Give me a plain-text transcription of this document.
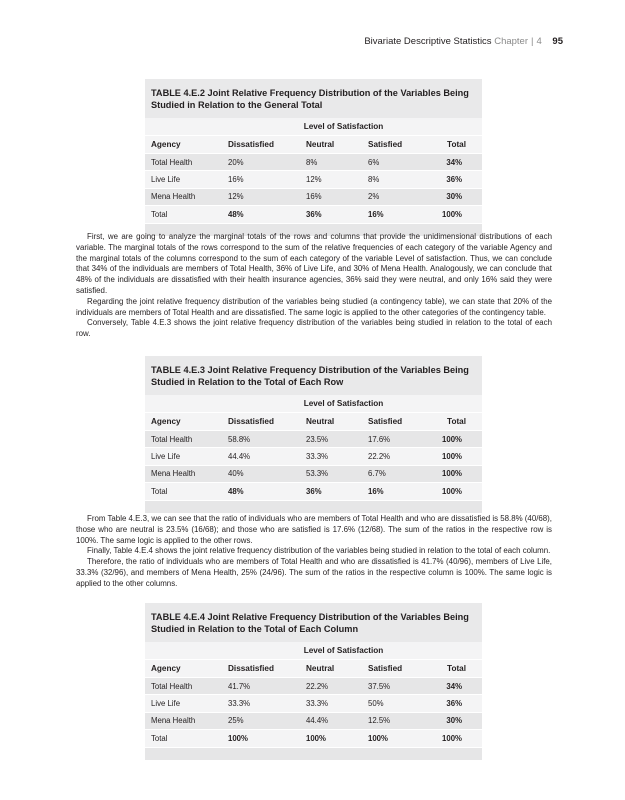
Bivariate Descriptive Statistics Chapter | 4 95
TABLE 4.E.2 Joint Relative Frequency Distribution of the Variables Being Studied in Relation to the General Total
Level of Satisfaction
Agency	Dissatisfied	Neutral	Satisfied	Total
Total Health	20%	8%	6%	34%
Live Life	16%	12%	8%	36%
Mena Health	12%	16%	2%	30%
Total	48%	36%	16%	100%

First, we are going to analyze the marginal totals of the rows and columns that provide the unidimensional distributions of each variable. The marginal totals of the rows correspond to the sum of the relative frequencies of each category of the variable Agency and the marginal totals of the columns correspond to the sum of each category of the variable Level of satisfaction. Thus, we can conclude that 34% of the individuals are members of Total Health, 36% of Live Life, and 30% of Mena Health. Analogously, we can conclude that 48% of the individuals are dissatisfied with their health insurance agencies, 36% said they were neutral, and only 16% said they were satisfied.

Regarding the joint relative frequency distribution of the variables being studied (a contingency table), we can state that 20% of the individuals are members of Total Health and are dissatisfied. The same logic is applied to the other categories of the contingency table.

Conversely, Table 4.E.3 shows the joint relative frequency distribution of the variables being studied in relation to the total of each row.

TABLE 4.E.3 Joint Relative Frequency Distribution of the Variables Being Studied in Relation to the Total of Each Row
Level of Satisfaction
Agency	Dissatisfied	Neutral	Satisfied	Total
Total Health	58.8%	23.5%	17.6%	100%
Live Life	44.4%	33.3%	22.2%	100%
Mena Health	40%	53.3%	6.7%	100%
Total	48%	36%	16%	100%

From Table 4.E.3, we can see that the ratio of individuals who are members of Total Health and who are dissatisfied is 58.8% (40/68), those who are neutral is 23.5% (16/68); and those who are satisfied is 17.6% (12/68). The sum of the ratios in the respective row is 100%. The same logic is applied to the other rows.

Finally, Table 4.E.4 shows the joint relative frequency distribution of the variables being studied in relation to the total of each column.

Therefore, the ratio of individuals who are members of Total Health and who are dissatisfied is 41.7% (40/96), members of Live Life, 33.3% (32/96), and members of Mena Health, 25% (24/96). The sum of the ratios in the respective column is 100%. The same logic is applied to the other columns.

TABLE 4.E.4 Joint Relative Frequency Distribution of the Variables Being Studied in Relation to the Total of Each Column
Level of Satisfaction
Agency	Dissatisfied	Neutral	Satisfied	Total
Total Health	41.7%	22.2%	37.5%	34%
Live Life	33.3%	33.3%	50%	36%
Mena Health	25%	44.4%	12.5%	30%
Total	100%	100%	100%	100%
